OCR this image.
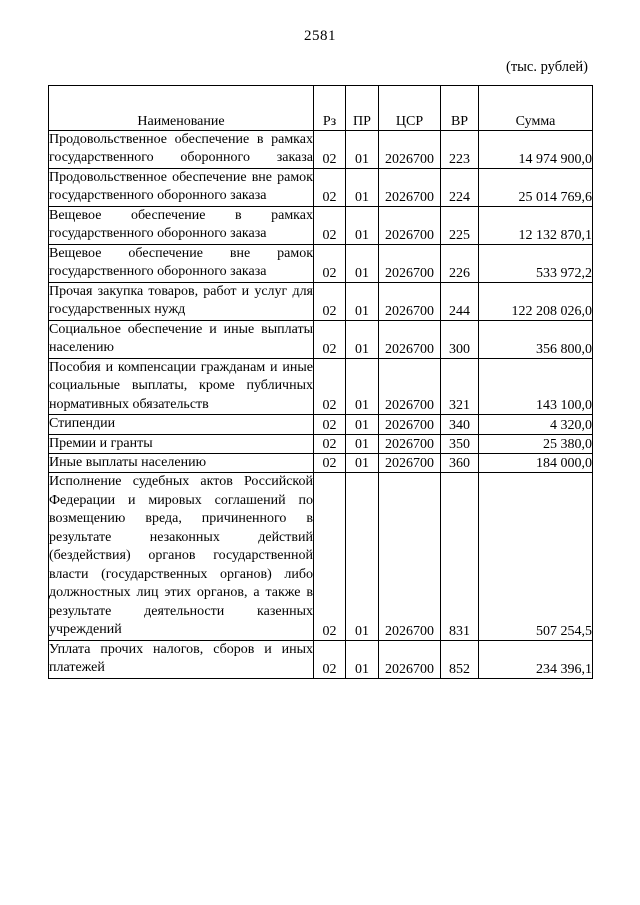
2581
(тыс. рублей)
Наименование	Рз	ПР	ЦСР	ВР	Сумма
Продовольственное обеспечение в рамках государственного оборонного заказа	02	01	2026700	223	14 974 900,0
Продовольственное обеспечение вне рамок государственного оборонного заказа	02	01	2026700	224	25 014 769,6
Вещевое обеспечение в рамках государственного оборонного заказа	02	01	2026700	225	12 132 870,1
Вещевое обеспечение вне рамок государственного оборонного заказа	02	01	2026700	226	533 972,2
Прочая закупка товаров, работ и услуг для государственных нужд	02	01	2026700	244	122 208 026,0
Социальное обеспечение и иные выплаты населению	02	01	2026700	300	356 800,0
Пособия и компенсации гражданам и иные социальные выплаты, кроме публичных нормативных обязательств	02	01	2026700	321	143 100,0
Стипендии	02	01	2026700	340	4 320,0
Премии и гранты	02	01	2026700	350	25 380,0
Иные выплаты населению	02	01	2026700	360	184 000,0
Исполнение судебных актов Российской Федерации и мировых соглашений по возмещению вреда, причиненного в результате незаконных действий (бездействия) органов государственной власти (государственных органов) либо должностных лиц этих органов, а также в результате деятельности казенных учреждений	02	01	2026700	831	507 254,5
Уплата прочих налогов, сборов и иных платежей	02	01	2026700	852	234 396,1
